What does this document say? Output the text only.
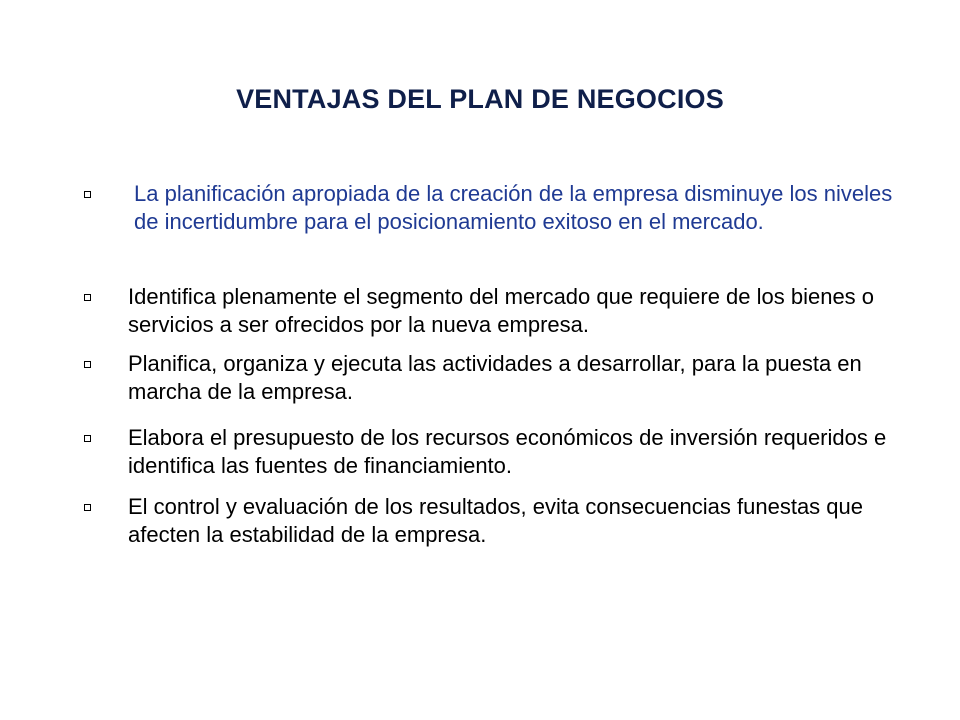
VENTAJAS DEL PLAN DE NEGOCIOS
La planificación apropiada de la creación de la empresa disminuye los niveles de incertidumbre para el posicionamiento exitoso en el mercado.
Identifica plenamente el segmento del mercado que requiere de los bienes o servicios a ser ofrecidos por la nueva empresa.
Planifica, organiza y ejecuta las actividades a desarrollar, para la puesta en marcha de la empresa.
Elabora el presupuesto de los recursos económicos de inversión requeridos e identifica las fuentes de financiamiento.
El control y evaluación de los resultados, evita consecuencias funestas que afecten la estabilidad de la empresa.
